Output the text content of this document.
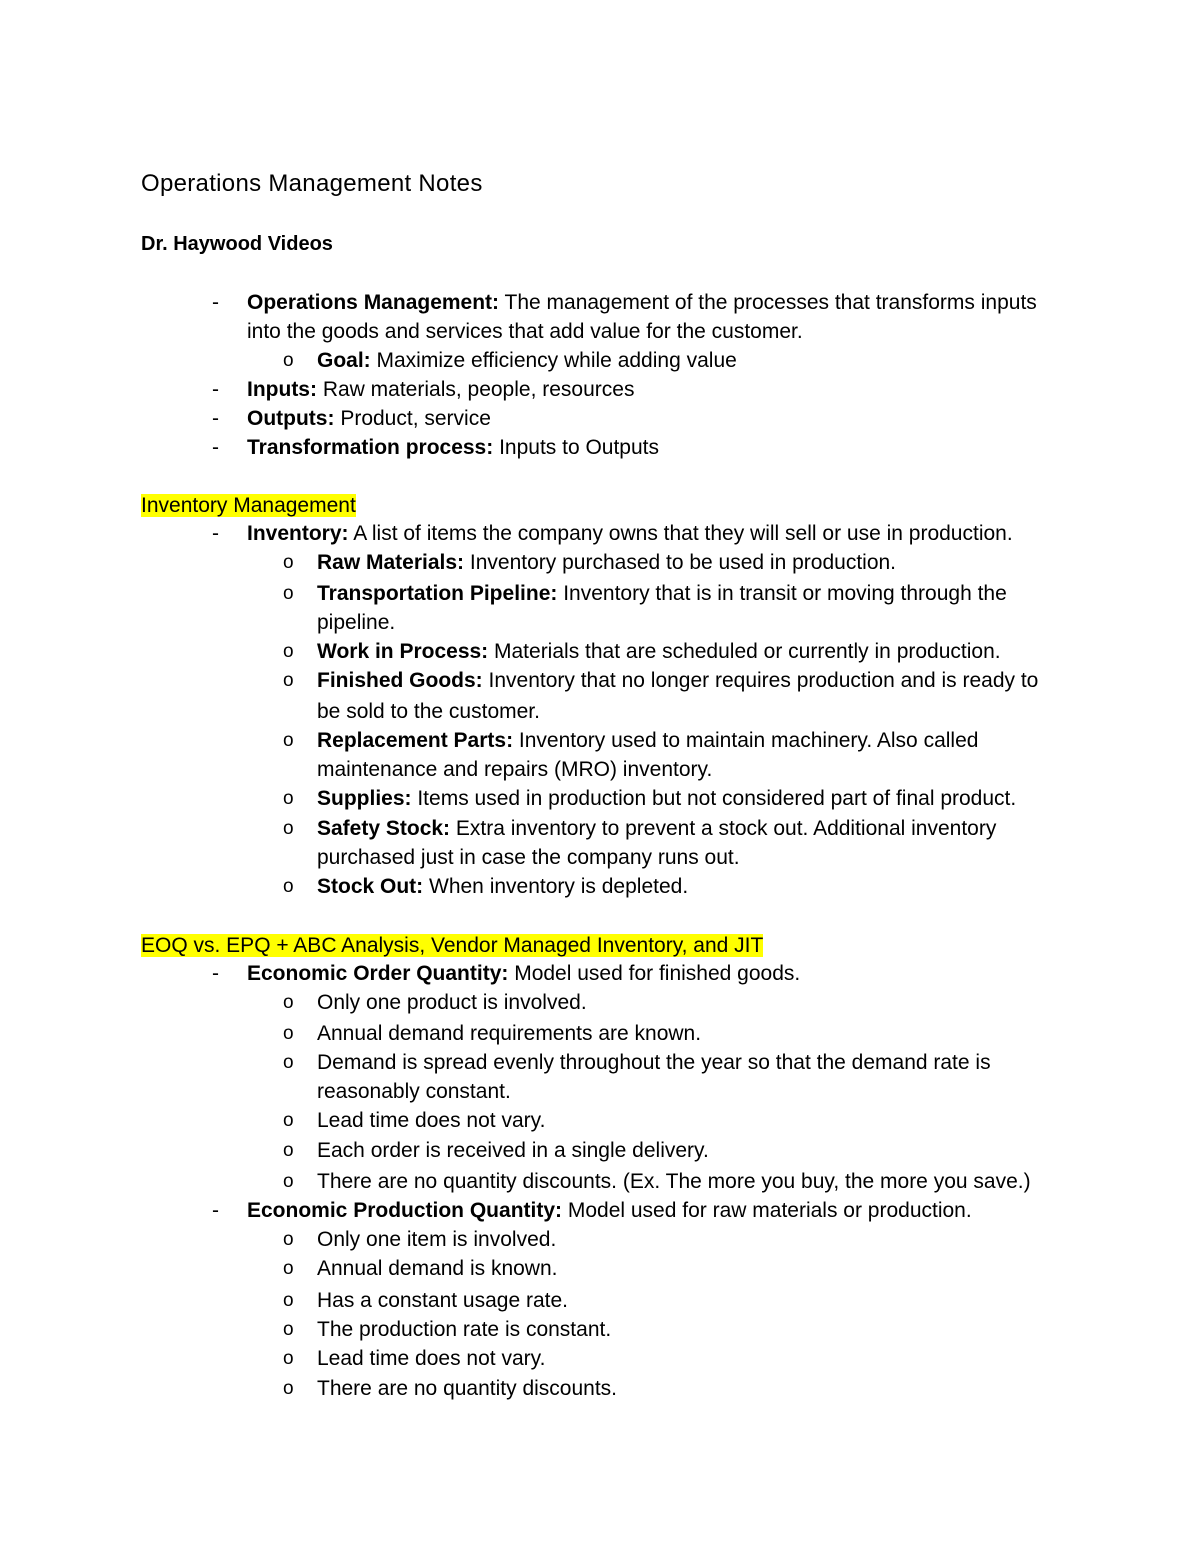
Operations Management Notes
Dr. Haywood Videos
-	Operations Management: The management of the processes that transforms inputs
into the goods and services that add value for the customer.
o Goal: Maximize efficiency while adding value
-	Inputs: Raw materials, people, resources
-	Outputs: Product, service
-	Transformation process: Inputs to Outputs
Inventory Management
-	Inventory: A list of items the company owns that they will sell or use in production.
o Raw Materials: Inventory purchased to be used in production.
o Transportation Pipeline: Inventory that is in transit or moving through the
pipeline.
o Work in Process: Materials that are scheduled or currently in production.
o Finished Goods: Inventory that no longer requires production and is ready to
be sold to the customer.
o Replacement Parts: Inventory used to maintain machinery. Also called
maintenance and repairs (MRO) inventory.
o Supplies: Items used in production but not considered part of final product.
o Safety Stock: Extra inventory to prevent a stock out. Additional inventory
purchased just in case the company runs out.
o Stock Out: When inventory is depleted.
EOQ vs. EPQ + ABC Analysis, Vendor Managed Inventory, and JIT
-	Economic Order Quantity: Model used for finished goods.
o Only one product is involved.
o Annual demand requirements are known.
o Demand is spread evenly throughout the year so that the demand rate is
reasonably constant.
o Lead time does not vary.
o Each order is received in a single delivery.
o There are no quantity discounts. (Ex. The more you buy, the more you save.)
-	Economic Production Quantity: Model used for raw materials or production.
o Only one item is involved.
o Annual demand is known.
o Has a constant usage rate.
o The production rate is constant.
o Lead time does not vary.
o There are no quantity discounts.
